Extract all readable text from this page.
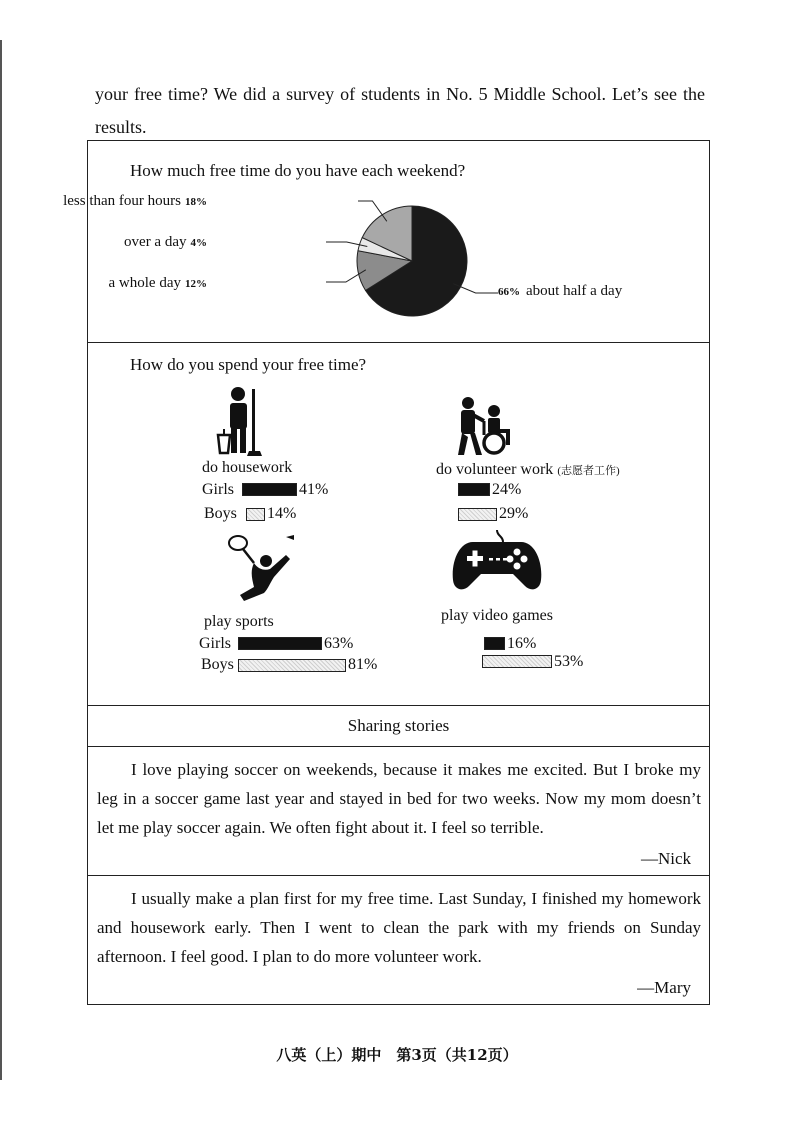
your free time? We did a survey of students in No. 5 Middle School. Let’s see the results.

How much free time do you have each weekend?
less than four hours 18%
over a day 4%
a whole day 12%
66% about half a day
How do you spend your free time?
do housework
Girls
Boys
41%
14%
do volunteer work (志愿者工作)
24%
29%
play sports
Girls
Boys
63%
81%
play video games
16%
53%
Sharing stories
I love playing soccer on weekends, because it makes me excited. But I broke my leg in a soccer game last year and stayed in bed for two weeks. Now my mom doesn’t let me play soccer again. We often fight about it. I feel so terrible.
—Nick
I usually make a plan first for my free time. Last Sunday, I finished my homework and housework early. Then I went to clean the park with my friends on Sunday afternoon. I feel good. I plan to do more volunteer work.
—Mary
八英（上）期中　第3页（共12页）
